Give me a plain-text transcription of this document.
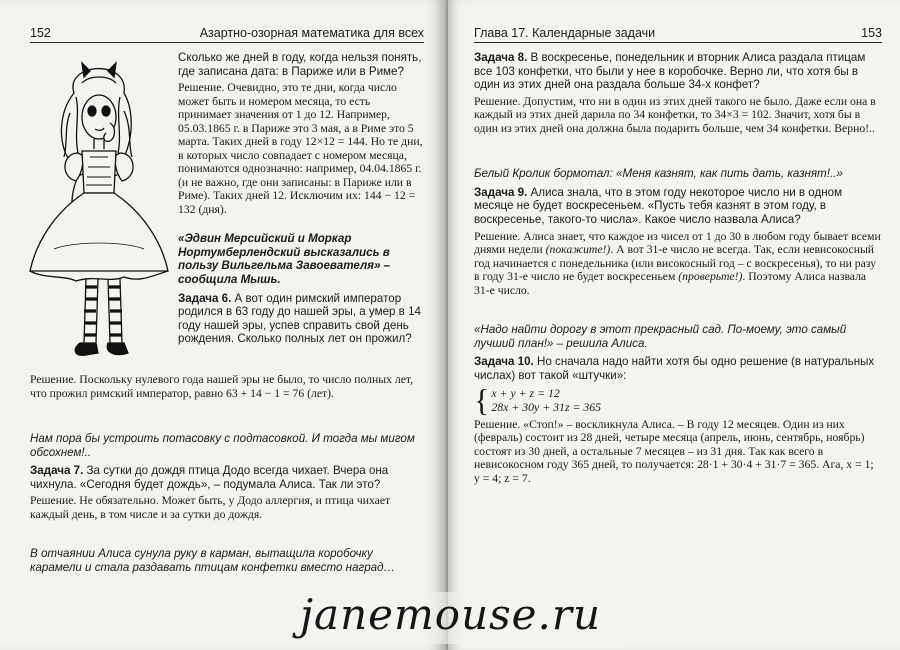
152	Азартно-озорная математика для всех

Сколько же дней в году, когда нельзя понять, где записана дата: в Париже или в Риме?

Решение. Очевидно, это те дни, когда число может быть и номером месяца, то есть принимает значения от 1 до 12. Например, 05.03.1865 г. в Париже это 3 мая, а в Риме это 5 марта. Таких дней в году 12×12 = 144. Но те дни, в которых число совпадает с номером месяца, понимаются однозначно: например, 04.04.1865 г. (и не важно, где они записаны: в Париже или в Риме). Таких дней 12. Исключим их: 144 − 12 = 132 (дня).

«Эдвин Мерсийский и Моркар Нортумберлендский высказались в пользу Вильгельма Завоевателя» – сообщила Мышь.

Задача 6. А вот один римский император родился в 63 году до нашей эры, а умер в 14 году нашей эры, успев справить свой день рождения. Сколько полных лет он прожил?

Решение. Поскольку нулевого года нашей эры не было, то число полных лет, что прожил римский император, равно 63 + 14 − 1 = 76 (лет).

Нам пора бы устроить потасовку с подтасовкой. И тогда мы мигом обсохнем!..

Задача 7. За сутки до дождя птица Додо всегда чихает. Вчера она чихнула. «Сегодня будет дождь», – подумала Алиса. Так ли это?

Решение. Не обязательно. Может быть, у Додо аллергия, и птица чихает каждый день, в том числе и за сутки до дождя.

В отчаянии Алиса сунула руку в карман, вытащила коробочку карамели и стала раздавать птицам конфетки вместо наград…

Глава 17. Календарные задачи	153

Задача 8. В воскресенье, понедельник и вторник Алиса раздала птицам все 103 конфетки, что были у нее в коробочке. Верно ли, что хотя бы в один из этих дней она раздала больше 34-х конфет?

Решение. Допустим, что ни в один из этих дней такого не было. Даже если она в каждый из этих дней дарила по 34 конфетки, то 34×3 = 102. Значит, хотя бы в один из этих дней она должна была подарить больше, чем 34 конфетки. Верно!..

Белый Кролик бормотал: «Меня казнят, как пить дать, казнят!..»

Задача 9. Алиса знала, что в этом году некоторое число ни в одном месяце не будет воскресеньем. «Пусть тебя казнят в этом году, в воскресенье, такого-то числа». Какое число назвала Алиса?

Решение. Алиса знает, что каждое из чисел от 1 до 30 в любом году бывает всеми днями недели (покажите!). А вот 31-е число не всегда. Так, если невисокосный год начинается с понедельника (или високосный год – с воскресенья), то ни разу в году 31-е число не будет воскресеньем (проверьте!). Поэтому Алиса назвала 31-е число.

«Надо найти дорогу в этот прекрасный сад. По-моему, это самый лучший план!» – решила Алиса.

Задача 10. Но сначала надо найти хотя бы одно решение (в натуральных числах) вот такой «штучки»:

{ x + y + z = 12
28x + 30y + 31z = 365

Решение. «Стоп!» – воскликнула Алиса. – В году 12 месяцев. Один из них (февраль) состоит из 28 дней, четыре месяца (апрель, июнь, сентябрь, ноябрь) состоят из 30 дней, а остальные 7 месяцев – из 31 дня. Так как всего в невисокосном году 365 дней, то получается: 28·1 + 30·4 + 31·7 = 365. Ага, x = 1; y = 4; z = 7.

janemouse.ru
